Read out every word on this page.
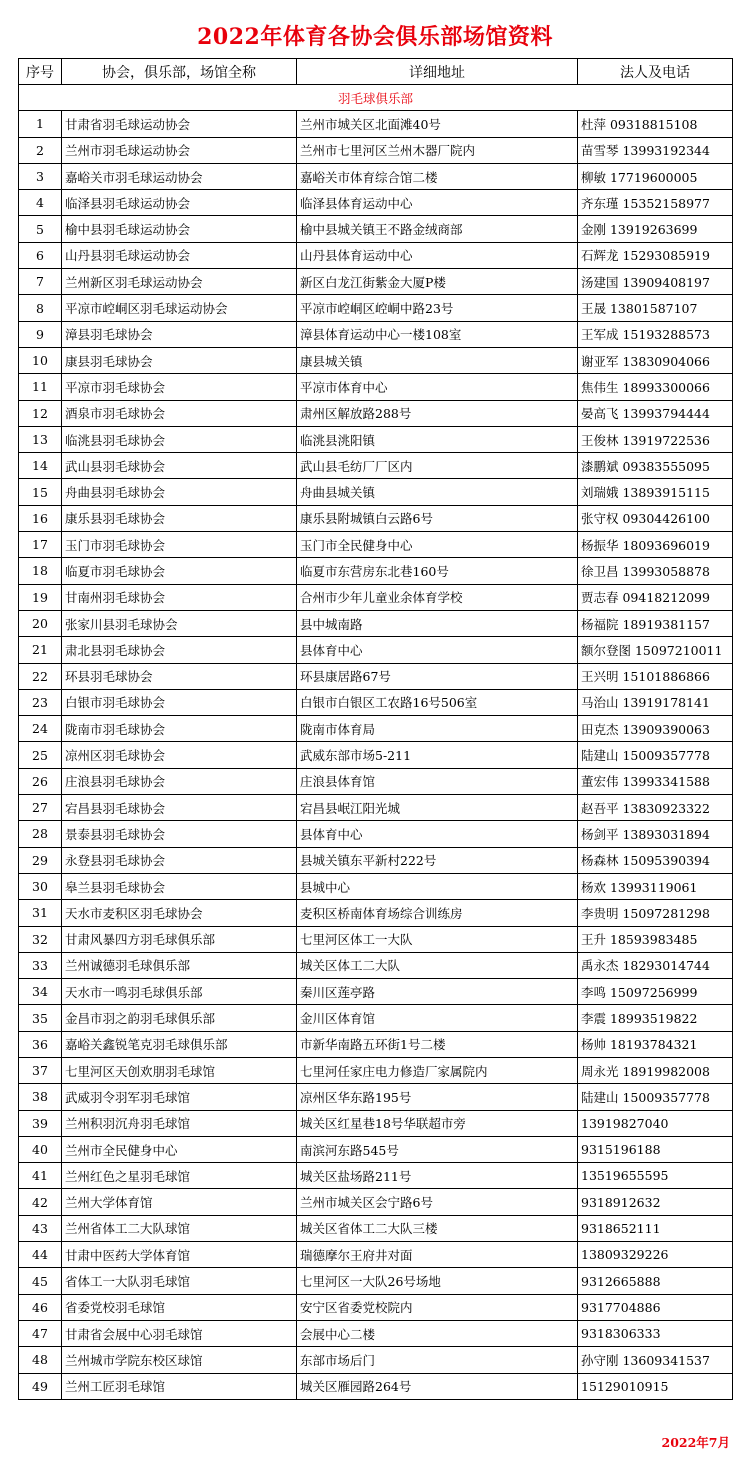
2022年体育各协会俱乐部场馆资料
序号	协会，俱乐部，场馆全称	详细地址	法人及电话
羽毛球俱乐部			
1	甘肃省羽毛球运动协会	兰州市城关区北面滩40号	杜萍 09318815108
2	兰州市羽毛球运动协会	兰州市七里河区兰州木器厂院内	苗雪琴 13993192344
3	嘉峪关市羽毛球运动协会	嘉峪关市体育综合馆二楼	柳敏 17719600005
4	临泽县羽毛球运动协会	临泽县体育运动中心	齐东瑾 15352158977
5	榆中县羽毛球运动协会	榆中县城关镇王不路金绒商部	金刚 13919263699
6	山丹县羽毛球运动协会	山丹县体育运动中心	石辉龙 15293085919
7	兰州新区羽毛球运动协会	新区白龙江街紫金大厦P楼	汤建国 13909408197
8	平凉市崆峒区羽毛球运动协会	平凉市崆峒区崆峒中路23号	王晟 13801587107
9	漳县羽毛球协会	漳县体育运动中心一楼108室	王军成 15193288573
10	康县羽毛球协会	康县城关镇	谢亚军 13830904066
11	平凉市羽毛球协会	平凉市体育中心	焦伟生 18993300066
12	酒泉市羽毛球协会	肃州区解放路288号	晏高飞 13993794444
13	临洮县羽毛球协会	临洮县洮阳镇	王俊林 13919722536
14	武山县羽毛球协会	武山县毛纺厂厂区内	漆鹏斌 09383555095
15	舟曲县羽毛球协会	舟曲县城关镇	刘瑞娥 13893915115
16	康乐县羽毛球协会	康乐县附城镇白云路6号	张守权 09304426100
17	玉门市羽毛球协会	玉门市全民健身中心	杨振华 18093696019
18	临夏市羽毛球协会	临夏市东营房东北巷160号	徐卫昌 13993058878
19	甘南州羽毛球协会	合州市少年儿童业余体育学校	贾志春 09418212099
20	张家川县羽毛球协会	县中城南路	杨福院 18919381157
21	肃北县羽毛球协会	县体育中心	额尔登图 15097210011
22	环县羽毛球协会	环县康居路67号	王兴明 15101886866
23	白银市羽毛球协会	白银市白银区工农路16号506室	马治山 13919178141
24	陇南市羽毛球协会	陇南市体育局	田克杰 13909390063
25	凉州区羽毛球协会	武威东部市场5-211	陆建山 15009357778
26	庄浪县羽毛球协会	庄浪县体育馆	董宏伟 13993341588
27	宕昌县羽毛球协会	宕昌县岷江阳光城	赵吾平 13830923322
28	景泰县羽毛球协会	县体育中心	杨剑平 13893031894
29	永登县羽毛球协会	县城关镇东平新村222号	杨森林 15095390394
30	皋兰县羽毛球协会	县城中心	杨欢 13993119061
31	天水市麦积区羽毛球协会	麦积区桥南体育场综合训练房	李贵明 15097281298
32	甘肃风暴四方羽毛球俱乐部	七里河区体工一大队	王升 18593983485
33	兰州诚德羽毛球俱乐部	城关区体工二大队	禹永杰 18293014744
34	天水市一鸣羽毛球俱乐部	秦川区莲亭路	李鸣 15097256999
35	金昌市羽之韵羽毛球俱乐部	金川区体育馆	李震 18993519822
36	嘉峪关鑫锐笔克羽毛球俱乐部	市新华南路五环街1号二楼	杨帅 18193784321
37	七里河区天创欢朋羽毛球馆	七里河任家庄电力修造厂家属院内	周永光 18919982008
38	武威羽令羽军羽毛球馆	凉州区华东路195号	陆建山 15009357778
39	兰州积羽沉舟羽毛球馆	城关区红星巷18号华联超市旁	13919827040
40	兰州市全民健身中心	南滨河东路545号	9315196188
41	兰州红色之星羽毛球馆	城关区盐场路211号	13519655595
42	兰州大学体育馆	兰州市城关区会宁路6号	9318912632
43	兰州省体工二大队球馆	城关区省体工二大队三楼	9318652111
44	甘肃中医药大学体育馆	瑞德摩尔王府井对面	13809329226
45	省体工一大队羽毛球馆	七里河区一大队26号场地	9312665888
46	省委党校羽毛球馆	安宁区省委党校院内	9317704886
47	甘肃省会展中心羽毛球馆	会展中心二楼	9318306333
48	兰州城市学院东校区球馆	东部市场后门	孙守刚 13609341537
49	兰州工匠羽毛球馆	城关区雁园路264号	15129010915
2022年7月
